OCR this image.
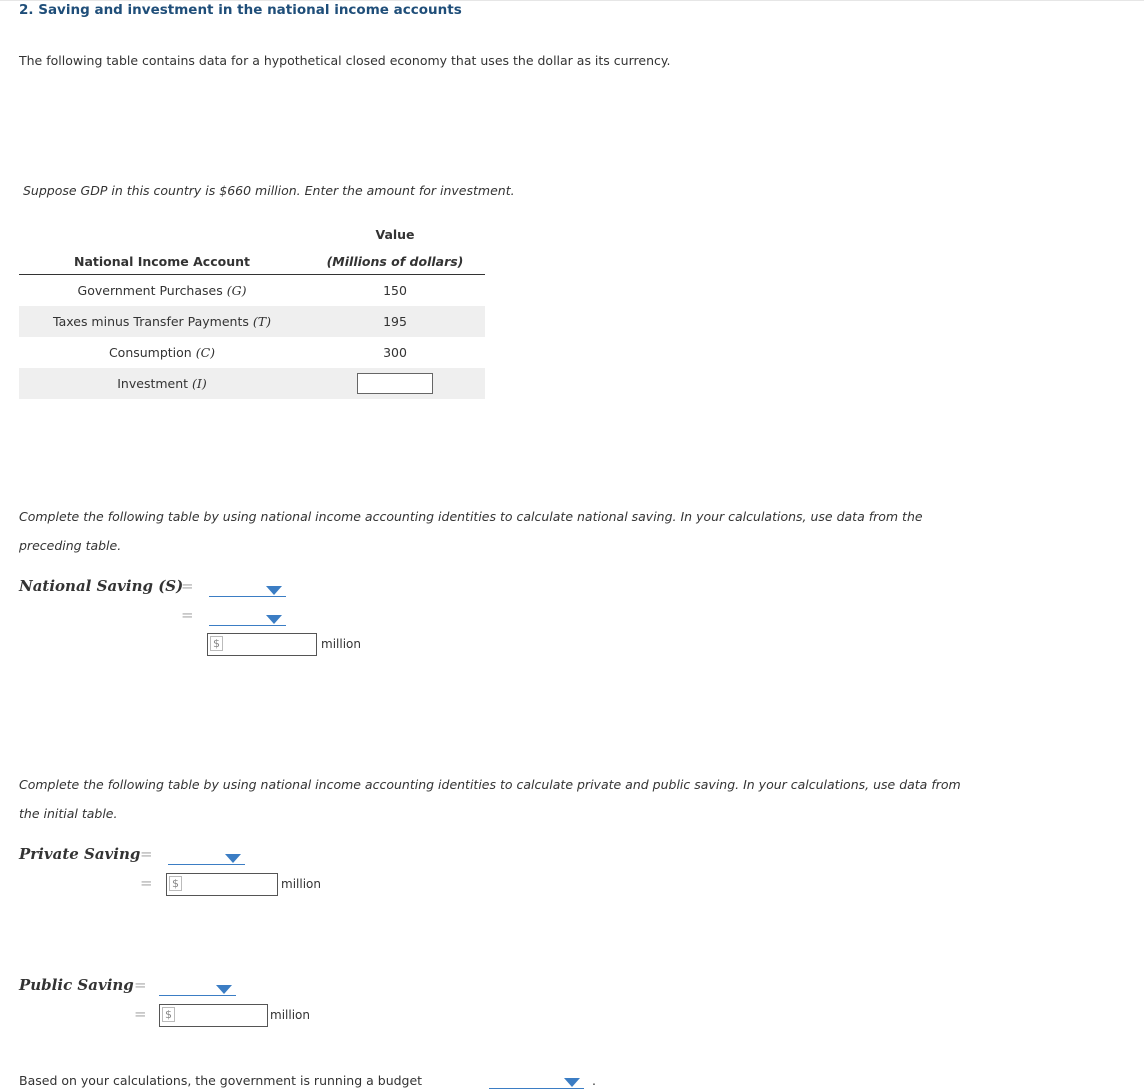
2. Saving and investment in the national income accounts
The following table contains data for a hypothetical closed economy that uses the dollar as its currency.
Suppose GDP in this country is $660 million. Enter the amount for investment.
	Value
National Income Account	(Millions of dollars)
Government Purchases (G)	150
Taxes minus Transfer Payments (T)	195
Consumption (C)	300
Investment (I)	
Complete the following table by using national income accounting identities to calculate national saving. In your calculations, use data from the
preceding table.
National Saving (S)
=
=
$	million
Complete the following table by using national income accounting identities to calculate private and public saving. In your calculations, use data from
the initial table.
Private Saving =
= $	million
Public Saving =
= $	million
Based on your calculations, the government is running a budget	.
